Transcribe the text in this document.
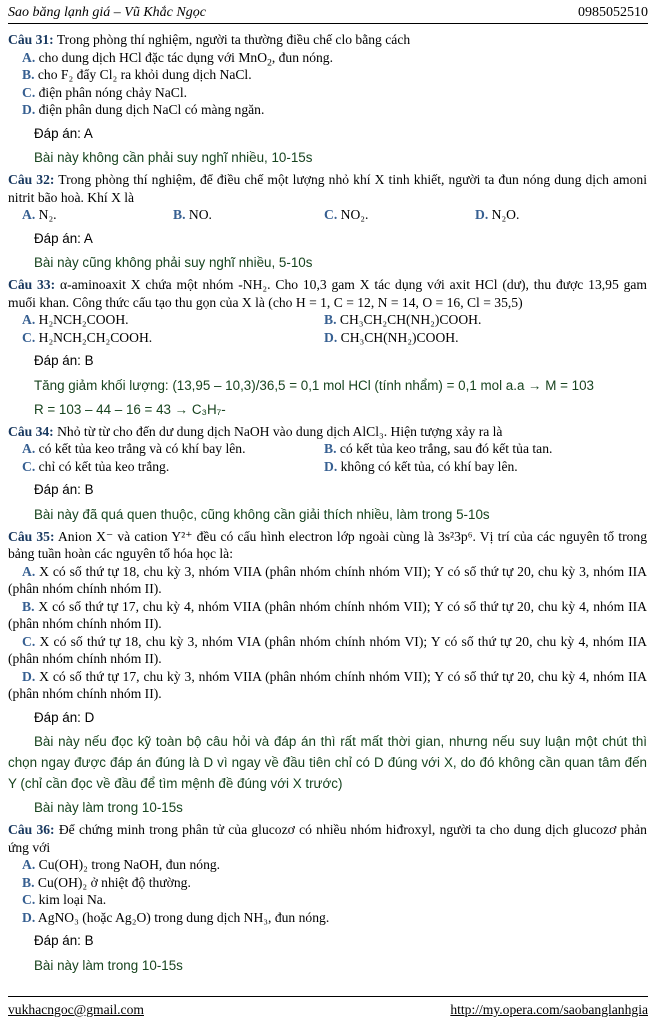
Sao băng lạnh giá – Vũ Khắc Ngọc	0985052510

Câu 31: Trong phòng thí nghiệm, người ta thường điều chế clo bằng cách

A. cho dung dịch HCl đặc tác dụng với MnO$_2$, đun nóng.

B. cho F₂ đẩy Cl₂ ra khỏi dung dịch NaCl.

C. điện phân nóng chảy NaCl.

D. điện phân dung dịch NaCl có màng ngăn.

Đáp án: A

Bài này không cần phải suy nghĩ nhiều, 10-15s

Câu 32: Trong phòng thí nghiệm, để điều chế một lượng nhỏ khí X tinh khiết, người ta đun nóng dung dịch amoni nitrit bão hoà. Khí X là

A. N₂.	B. NO.	C. NO₂.	D. N₂O.

Đáp án: A

Bài này cũng không phải suy nghĩ nhiều, 5-10s

Câu 33: α-aminoaxit X chứa một nhóm -NH₂. Cho 10,3 gam X tác dụng với axit HCl (dư), thu được 13,95 gam muối khan. Công thức cấu tạo thu gọn của X là (cho H = 1, C = 12, N = 14, O = 16, Cl = 35,5)

A. H₂NCH₂COOH.	B. CH₃CH₂CH(NH₂)COOH.
C. H₂NCH₂CH₂COOH.	D. CH₃CH(NH₂)COOH.

Đáp án: B

Tăng giảm khối lượng: (13,95 – 10,3)/36,5 = 0,1 mol HCl (tính nhẩm) = 0,1 mol a.a → M = 103

R = 103 – 44 – 16 = 43 → C₃H₇-

Câu 34: Nhỏ từ từ cho đến dư dung dịch NaOH vào dung dịch AlCl₃. Hiện tượng xảy ra là

A. có kết tủa keo trắng và có khí bay lên.	B. có kết tủa keo trắng, sau đó kết tủa tan.
C. chỉ có kết tủa keo trắng.	D. không có kết tủa, có khí bay lên.

Đáp án: B

Bài này đã quá quen thuộc, cũng không cần giải thích nhiều, làm trong 5-10s

Câu 35: Anion X⁻ và cation Y²⁺ đều có cấu hình electron lớp ngoài cùng là 3s²3p⁶. Vị trí của các nguyên tố trong bảng tuần hoàn các nguyên tố hóa học là:

A. X có số thứ tự 18, chu kỳ 3, nhóm VIIA (phân nhóm chính nhóm VII); Y có số thứ tự 20, chu kỳ 3, nhóm IIA (phân nhóm chính nhóm II).

B. X có số thứ tự 17, chu kỳ 4, nhóm VIIA (phân nhóm chính nhóm VII); Y có số thứ tự 20, chu kỳ 4, nhóm IIA (phân nhóm chính nhóm II).

C. X có số thứ tự 18, chu kỳ 3, nhóm VIA (phân nhóm chính nhóm VI); Y có số thứ tự 20, chu kỳ 4, nhóm IIA (phân nhóm chính nhóm II).

D. X có số thứ tự 17, chu kỳ 3, nhóm VIIA (phân nhóm chính nhóm VII); Y có số thứ tự 20, chu kỳ 4, nhóm IIA (phân nhóm chính nhóm II).

Đáp án: D

Bài này nếu đọc kỹ toàn bộ câu hỏi và đáp án thì rất mất thời gian, nhưng nếu suy luận một chút thì chọn ngay được đáp án đúng là D vì ngay về đầu tiên chỉ có D đúng với X, do đó không cần quan tâm đến Y (chỉ cần đọc về đầu để tìm mệnh đề đúng với X trước)

Bài này làm trong 10-15s

Câu 36: Để chứng minh trong phân tử của glucozơ có nhiều nhóm hiđroxyl, người ta cho dung dịch glucozơ phản ứng với

A. Cu(OH)₂ trong NaOH, đun nóng.

B. Cu(OH)₂ ở nhiệt độ thường.

C. kim loại Na.

D. AgNO₃ (hoặc Ag₂O) trong dung dịch NH₃, đun nóng.

Đáp án: B

Bài này làm trong 10-15s

vukhacngoc@gmail.com	http://my.opera.com/saobanglanhgia
